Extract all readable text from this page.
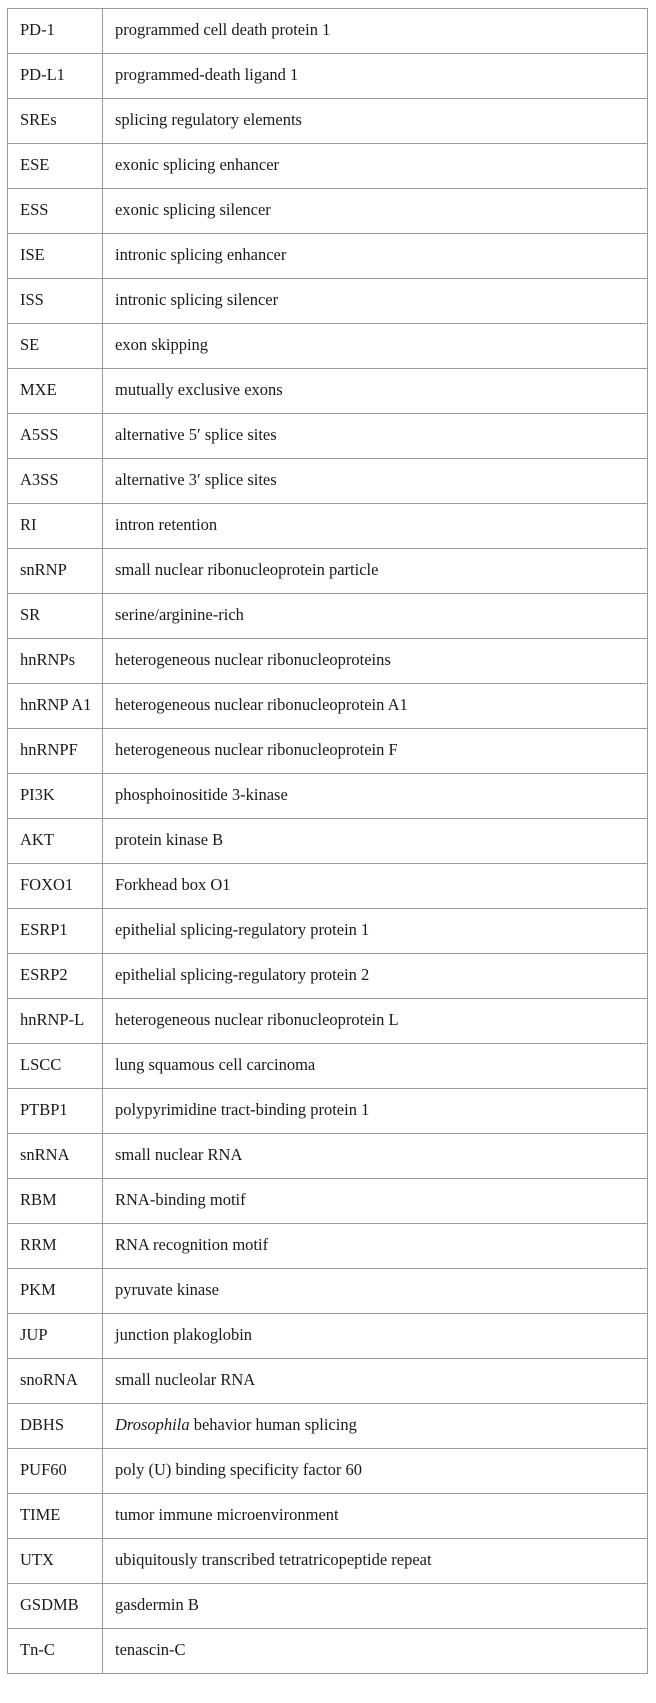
PD-1	programmed cell death protein 1
PD-L1	programmed-death ligand 1
SREs	splicing regulatory elements
ESE	exonic splicing enhancer
ESS	exonic splicing silencer
ISE	intronic splicing enhancer
ISS	intronic splicing silencer
SE	exon skipping
MXE	mutually exclusive exons
A5SS	alternative 5′ splice sites
A3SS	alternative 3′ splice sites
RI	intron retention
snRNP	small nuclear ribonucleoprotein particle
SR	serine/arginine-rich
hnRNPs	heterogeneous nuclear ribonucleoproteins
hnRNP A1	heterogeneous nuclear ribonucleoprotein A1
hnRNPF	heterogeneous nuclear ribonucleoprotein F
PI3K	phosphoinositide 3-kinase
AKT	protein kinase B
FOXO1	Forkhead box O1
ESRP1	epithelial splicing-regulatory protein 1
ESRP2	epithelial splicing-regulatory protein 2
hnRNP-L	heterogeneous nuclear ribonucleoprotein L
LSCC	lung squamous cell carcinoma
PTBP1	polypyrimidine tract-binding protein 1
snRNA	small nuclear RNA
RBM	RNA-binding motif
RRM	RNA recognition motif
PKM	pyruvate kinase
JUP	junction plakoglobin
snoRNA	small nucleolar RNA
DBHS	Drosophila behavior human splicing
PUF60	poly (U) binding specificity factor 60
TIME	tumor immune microenvironment
UTX	ubiquitously transcribed tetratricopeptide repeat
GSDMB	gasdermin B
Tn-C	tenascin-C
